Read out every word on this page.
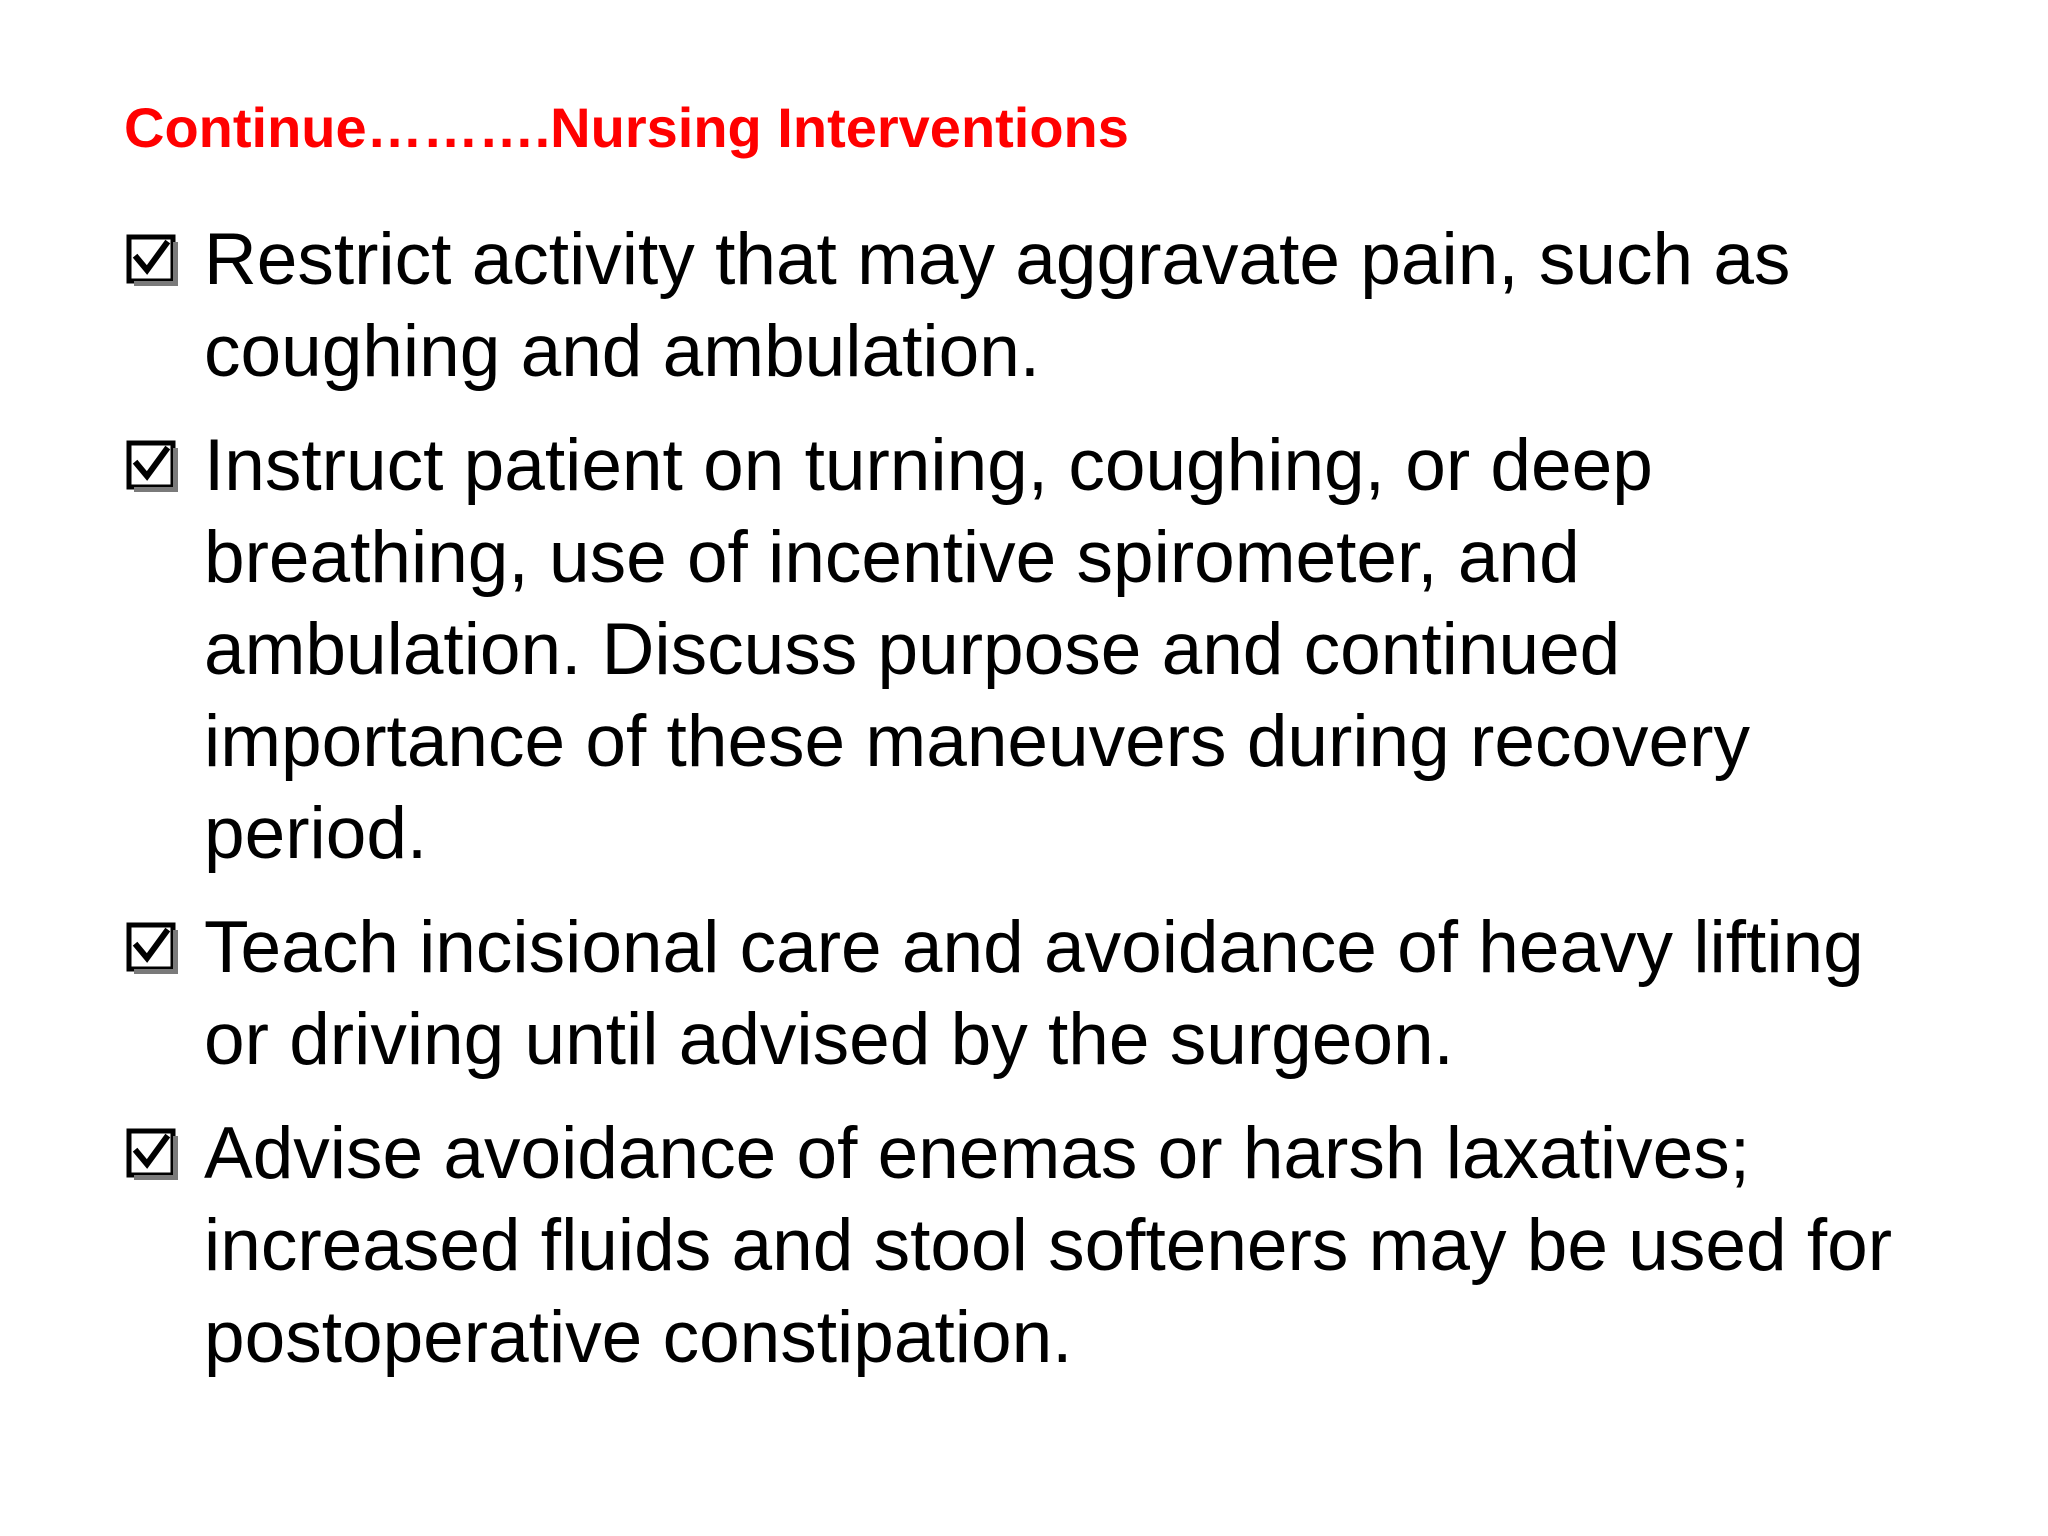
Continue……….Nursing Interventions
Restrict activity that may aggravate pain, such as coughing and ambulation.
Instruct patient on turning, coughing, or deep breathing, use of incentive spirometer, and ambulation. Discuss purpose and continued importance of these maneuvers during recovery period.
Teach incisional care and avoidance of heavy lifting or driving until advised by the surgeon.
Advise avoidance of enemas or harsh laxatives; increased fluids and stool softeners may be used for postoperative constipation.
